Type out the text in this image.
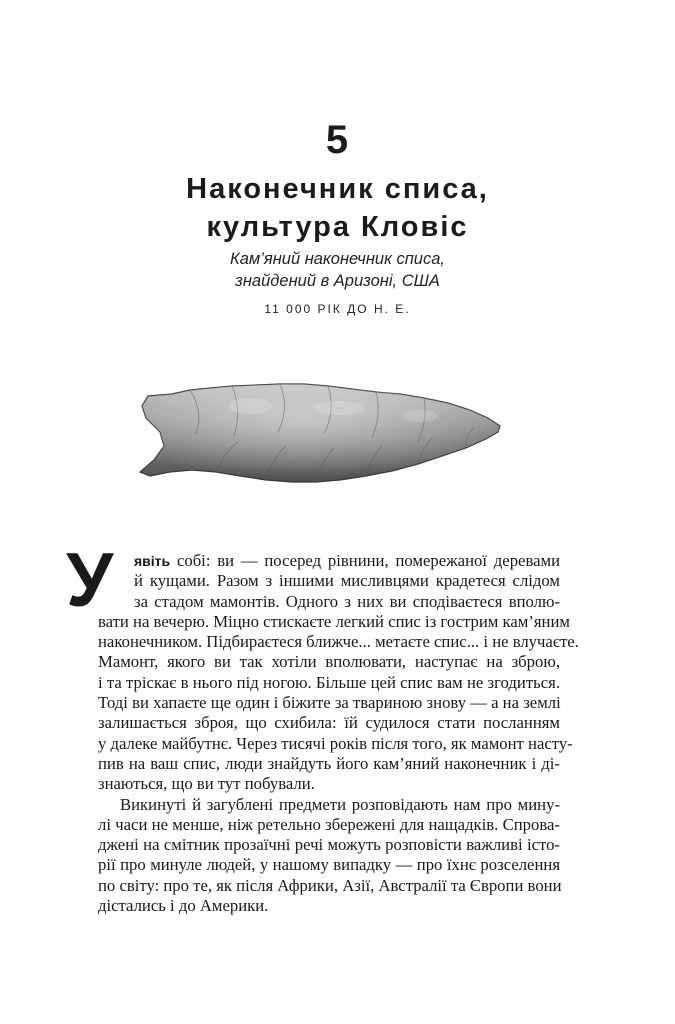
5
Наконечник списа,
культура Кловіс
Кам’яний наконечник списа,
знайдений в Аризоні, США
11 000 РІК ДО Н. Е.
У	явіть собі: ви — посеред рівнини, помережаної деревами
й кущами. Разом з іншими мисливцями крадетеся слідом
за стадом мамонтів. Одного з них ви сподіваєтеся вполю-
вати на вечерю. Міцно стискаєте легкий спис із гострим кам’яним
наконечником. Підбираєтеся ближче... метаєте спис... і не влучаєте.
Мамонт, якого ви так хотіли вполювати, наступає на зброю,
і та тріскає в нього під ногою. Більше цей спис вам не згодиться.
Тоді ви хапаєте ще один і біжите за твариною знову — а на землі
залишається зброя, що схибила: їй судилося стати посланням
у далеке майбутнє. Через тисячі років після того, як мамонт насту-
пив на ваш спис, люди знайдуть його кам’яний наконечник і ді-
знаються, що ви тут побували.
Викинуті й загублені предмети розповідають нам про мину-
лі часи не менше, ніж ретельно збережені для нащадків. Спрова-
джені на смітник прозаїчні речі можуть розповісти важливі істо-
рії про минуле людей, у нашому випадку — про їхнє розселення
по світу: про те, як після Африки, Азії, Австралії та Європи вони
дістались і до Америки.
